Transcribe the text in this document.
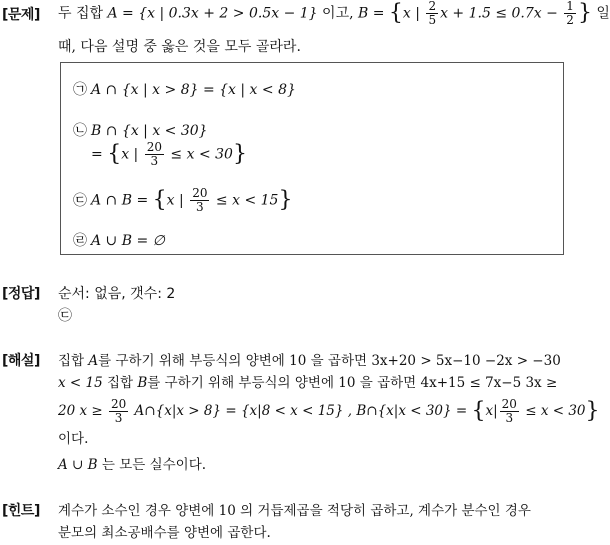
[문제] 두 집합 A = {x | 0.3x + 2 > 0.5x − 1} 이고, B = {x | $\frac{2}{5}$ $x + 1.5 \le 0.7x - \frac{1}{2}$ } 일
때, 다음 설명 중 옳은 것을 모두 골라라.
㉠ A ∩ {x | x > 8} = {x | x < 8}
㉡ B ∩ {x | x < 30}
= {x | $\frac{20}{3} \le x < 30$}
㉢ A ∩ B = {x | $\frac{20}{3} \le x < 15$}
㉣ A ∪ B = ∅
[정답] 순서: 없음, 갯수: 2
㉢
[해설] 집합 A를 구하기 위해 부등식의 양변에 10 을 곱하면 3x+20 > 5x−10 −2x > −30
x < 15 집합 B를 구하기 위해 부등식의 양변에 10 을 곱하면 4x+15 ≤ 7x−5 3x ≥
20 $x \ge \frac{20}{3}$ A∩{x|x > 8} = {x|8 < x < 15} , B∩{x|x < $30\} = \{x| \frac{20}{3} \le x < 30\}$
이다.
A ∪ B 는 모든 실수이다.
[힌트] 계수가 소수인 경우 양변에 10 의 거듭제곱을 적당히 곱하고, 계수가 분수인 경우
분모의 최소공배수를 양변에 곱한다.
